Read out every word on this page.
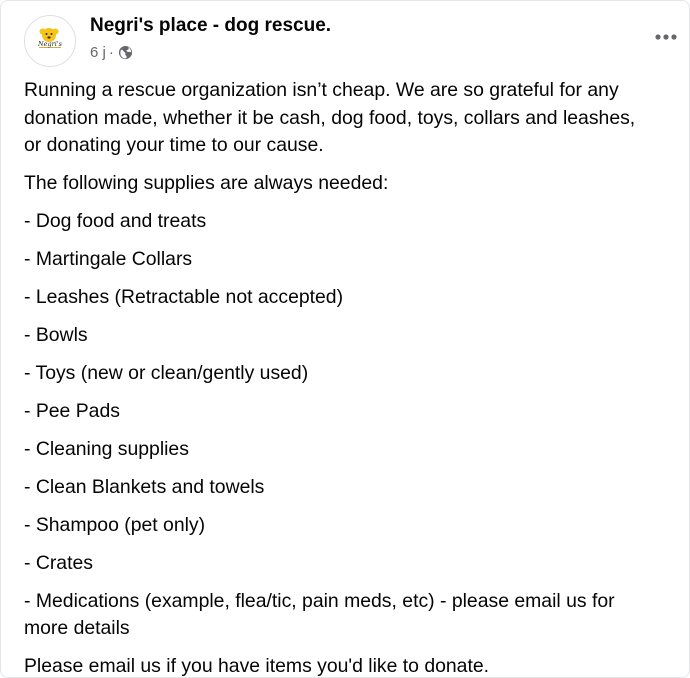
Negri's
Negri's place - dog rescue.
6 j ·

Running a rescue organization isn’t cheap. We are so grateful for any
donation made, whether it be cash, dog food, toys, collars and leashes,
or donating your time to our cause.

The following supplies are always needed:

- Dog food and treats

- Martingale Collars

- Leashes (Retractable not accepted)

- Bowls

- Toys (new or clean/gently used)

- Pee Pads

- Cleaning supplies

- Clean Blankets and towels

- Shampoo (pet only)

- Crates

- Medications (example, flea/tic, pain meds, etc) - please email us for
more details

Please email us if you have items you'd like to donate.
